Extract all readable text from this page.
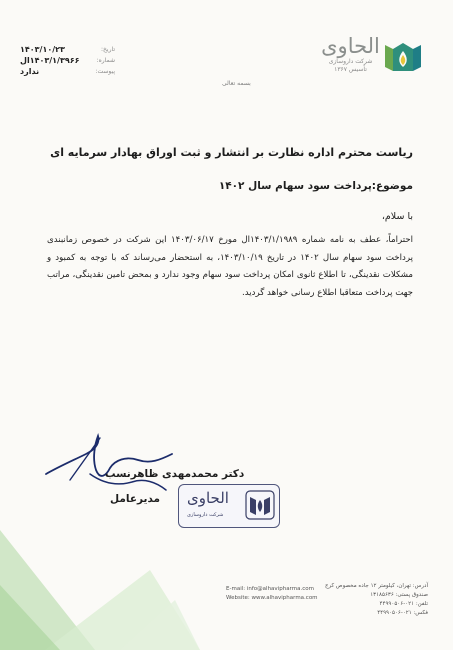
۱۴۰۳/۱۰/۲۳	تاریخ:
۱۴۰۳/۱/۳۹۶۶ال	شماره:
ندارد	پیوست:
بسمه تعالی
الحاوی
شرکت داروسازی
تأسیس ۱۳۶۷
ریاست محترم اداره نظارت بر انتشار و ثبت اوراق بهادار سرمایه ای
موضوع:پرداخت سود سهام سال ۱۴۰۲
با سلام،
احتراماً، عطف به نامه شماره ۱۴۰۳/۱/۱۹۸۹ال مورخ ۱۴۰۳/۰۶/۱۷ این شرکت در خصوص زمانبندی پرداخت سود سهام سال ۱۴۰۲ در تاریخ ۱۴۰۳/۱۰/۱۹، به استحضار می‌رساند که با توجه به کمبود و مشکلات نقدینگی، تا اطلاع ثانوی امکان پرداخت سود سهام وجود ندارد و بمحض تامین نقدینگی، مراتب جهت پرداخت متعاقبا اطلاع رسانی خواهد گردید.
دکتر محمدمهدی ظاهرنسب
مدیرعامل الحاوی
شرکت داروسازی
E-mail: info@alhavipharma.com
Website: www.alhavipharma.com
آدرس: تهران، کیلومتر ۱۲ جاده مخصوص کرج
صندوق پستی: ۱۳۱۸۵۶۳۶
تلفن: ۰۲۱-۴۴۹۹۰۵۰۶
فکس: ۰۲۱-۴۴۹۹۰۵۰۶
